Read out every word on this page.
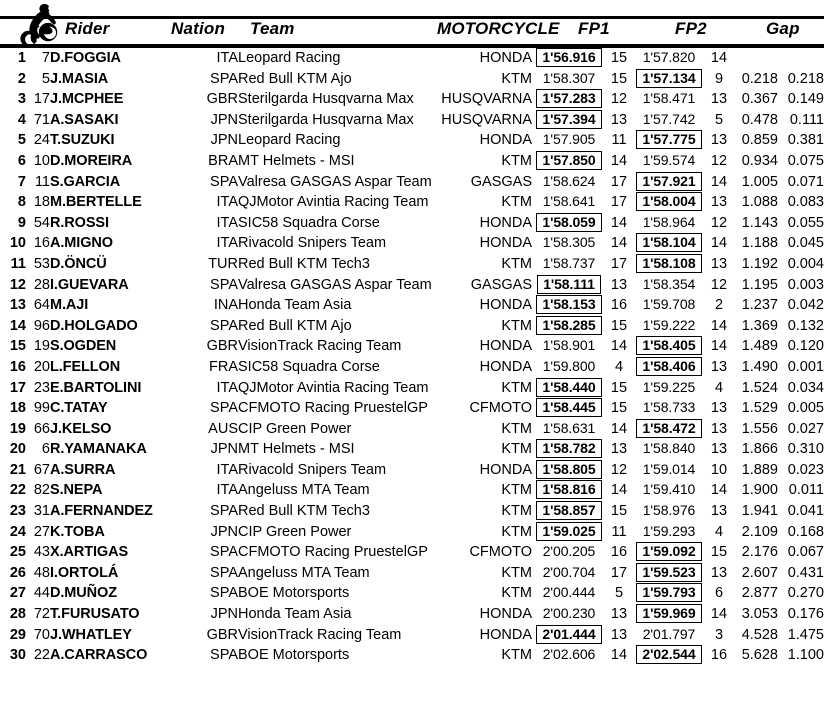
Rider	Nation Team	MOTORCYCLE FP1	FP2	Gap
1	7	D.FOGGIA	ITA	Leopard Racing	HONDA	1'56.916	15	1'57.820	14		
2	5	J.MASIA	SPA	Red Bull KTM Ajo	KTM	1'58.307	15	1'57.134	9	0.218	0.218
3	17	J.MCPHEE	GBR	Sterilgarda Husqvarna Max	HUSQVARNA	1'57.283	12	1'58.471	13	0.367	0.149
4	71	A.SASAKI	JPN	Sterilgarda Husqvarna Max	HUSQVARNA	1'57.394	13	1'57.742	5	0.478	0.111
5	24	T.SUZUKI	JPN	Leopard Racing	HONDA	1'57.905	11	1'57.775	13	0.859	0.381
6	10	D.MOREIRA	BRA	MT Helmets - MSI	KTM	1'57.850	14	1'59.574	12	0.934	0.075
7	11	S.GARCIA	SPA	Valresa GASGAS Aspar Team	GASGAS	1'58.624	17	1'57.921	14	1.005	0.071
8	18	M.BERTELLE	ITA	QJMotor Avintia Racing Team	KTM	1'58.641	17	1'58.004	13	1.088	0.083
9	54	R.ROSSI	ITA	SIC58 Squadra Corse	HONDA	1'58.059	14	1'58.964	12	1.143	0.055
10	16	A.MIGNO	ITA	Rivacold Snipers Team	HONDA	1'58.305	14	1'58.104	14	1.188	0.045
11	53	D.ÖNCÜ	TUR	Red Bull KTM Tech3	KTM	1'58.737	17	1'58.108	13	1.192	0.004
12	28	I.GUEVARA	SPA	Valresa GASGAS Aspar Team	GASGAS	1'58.111	13	1'58.354	12	1.195	0.003
13	64	M.AJI	INA	Honda Team Asia	HONDA	1'58.153	16	1'59.708	2	1.237	0.042
14	96	D.HOLGADO	SPA	Red Bull KTM Ajo	KTM	1'58.285	15	1'59.222	14	1.369	0.132
15	19	S.OGDEN	GBR	VisionTrack Racing Team	HONDA	1'58.901	14	1'58.405	14	1.489	0.120
16	20	L.FELLON	FRA	SIC58 Squadra Corse	HONDA	1'59.800	4	1'58.406	13	1.490	0.001
17	23	E.BARTOLINI	ITA	QJMotor Avintia Racing Team	KTM	1'58.440	15	1'59.225	4	1.524	0.034
18	99	C.TATAY	SPA	CFMOTO Racing PruestelGP	CFMOTO	1'58.445	15	1'58.733	13	1.529	0.005
19	66	J.KELSO	AUS	CIP Green Power	KTM	1'58.631	14	1'58.472	13	1.556	0.027
20	6	R.YAMANAKA	JPN	MT Helmets - MSI	KTM	1'58.782	13	1'58.840	13	1.866	0.310
21	67	A.SURRA	ITA	Rivacold Snipers Team	HONDA	1'58.805	12	1'59.014	10	1.889	0.023
22	82	S.NEPA	ITA	Angeluss MTA Team	KTM	1'58.816	14	1'59.410	14	1.900	0.011
23	31	A.FERNANDEZ	SPA	Red Bull KTM Tech3	KTM	1'58.857	15	1'58.976	13	1.941	0.041
24	27	K.TOBA	JPN	CIP Green Power	KTM	1'59.025	11	1'59.293	4	2.109	0.168
25	43	X.ARTIGAS	SPA	CFMOTO Racing PruestelGP	CFMOTO	2'00.205	16	1'59.092	15	2.176	0.067
26	48	I.ORTOLÁ	SPA	Angeluss MTA Team	KTM	2'00.704	17	1'59.523	13	2.607	0.431
27	44	D.MUÑOZ	SPA	BOE Motorsports	KTM	2'00.444	5	1'59.793	6	2.877	0.270
28	72	T.FURUSATO	JPN	Honda Team Asia	HONDA	2'00.230	13	1'59.969	14	3.053	0.176
29	70	J.WHATLEY	GBR	VisionTrack Racing Team	HONDA	2'01.444	13	2'01.797	3	4.528	1.475
30	22	A.CARRASCO	SPA	BOE Motorsports	KTM	2'02.606	14	2'02.544	16	5.628	1.100
